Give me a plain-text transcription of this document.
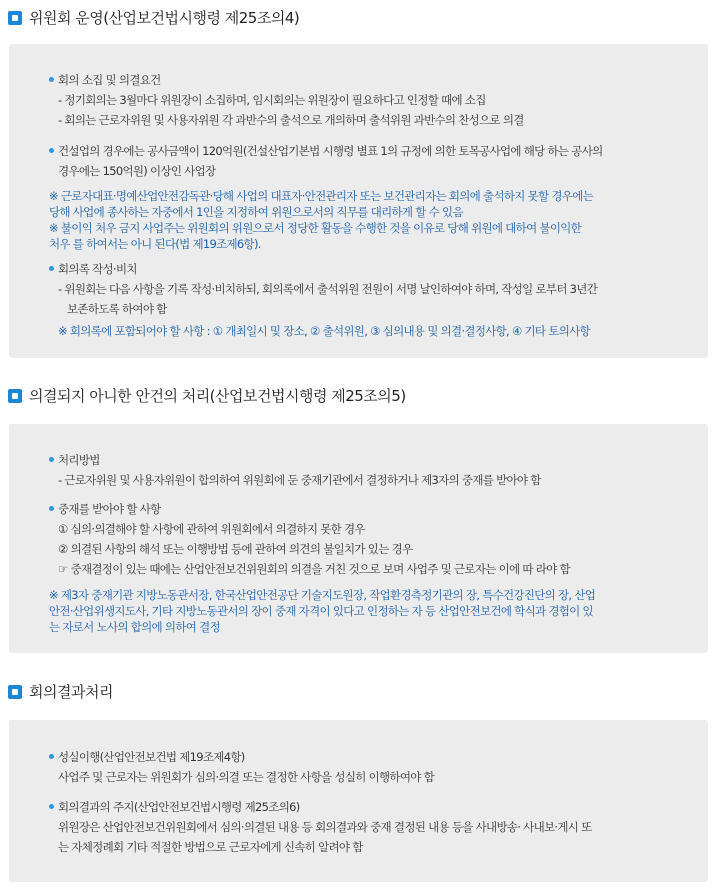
위원회 운영(산업보건법시행령 제25조의4)
회의 소집 및 의결요건
- 정기회의는 3월마다 위원장이 소집하며, 임시회의는 위원장이 필요하다고 인정할 때에 소집
- 회의는 근로자위원 및 사용자위원 각 과반수의 출석으로 개의하며 출석위원 과반수의 찬성으로 의결
건설업의 경우에는 공사금액이 120억원(건설산업기본법 시행령 별표 1의 규정에 의한 토목공사업에 해당 하는 공사의
경우에는 150억원) 이상인 사업장
※ 근로자대표·명예산업안전감독관·당해 사업의 대표자·안전관리자 또는 보건관리자는 회의에 출석하지 못할 경우에는
당해 사업에 종사하는 자중에서 1인을 지정하여 위원으로서의 직무를 대리하게 할 수 있음
※ 불이익 처우 금지 사업주는 위원회의 위원으로서 정당한 활동을 수행한 것을 이유로 당해 위원에 대하여 불이익한
처우 를 하여서는 아니 된다(법 제19조제6항).
회의록 작성·비치
- 위원회는 다음 사항을 기록 작성·비치하되, 회의록에서 출석위원 전원이 서명 날인하여야 하며, 작성일 로부터 3년간
보존하도록 하여야 함
※ 회의록에 포함되어야 할 사항 : ① 개최일시 및 장소, ② 출석위원, ③ 심의내용 및 의결·결정사항, ④ 기타 토의사항
의결되지 아니한 안건의 처리(산업보건법시행령 제25조의5)
처리방법
- 근로자위원 및 사용자위원이 합의하여 위원회에 둔 중재기관에서 결정하거나 제3자의 중재를 받아야 함
중재를 받아야 할 사항
① 심의·의결해야 할 사항에 관하여 위원회에서 의결하지 못한 경우
② 의결된 사항의 해석 또는 이행방법 등에 관하여 의견의 불일치가 있는 경우
☞ 중재결정이 있는 때에는 산업안전보건위원회의 의결을 거친 것으로 보며 사업주 및 근로자는 이에 따 라야 함
※ 제3자 중재기관 지방노동관서장, 한국산업안전공단 기술지도원장, 작업환경측정기관의 장, 특수건강진단의 장, 산업
안전·산업위생지도사, 기타 지방노동관서의 장이 중재 자격이 있다고 인정하는 자 등 산업안전보건에 학식과 경험이 있
는 자로서 노사의 합의에 의하여 결정
회의결과처리
성실이행(산업안전보건법 제19조제4항)
사업주 및 근로자는 위원회가 심의·의결 또는 결정한 사항을 성실히 이행하여야 함
회의결과의 주지(산업안전보건법시행령 제25조의6)
위원장은 산업안전보건위원회에서 심의·의결된 내용 등 회의결과와 중재 결정된 내용 등을 사내방송· 사내보·게시 또
는 자체정례회 기타 적절한 방법으로 근로자에게 신속히 알려야 함
